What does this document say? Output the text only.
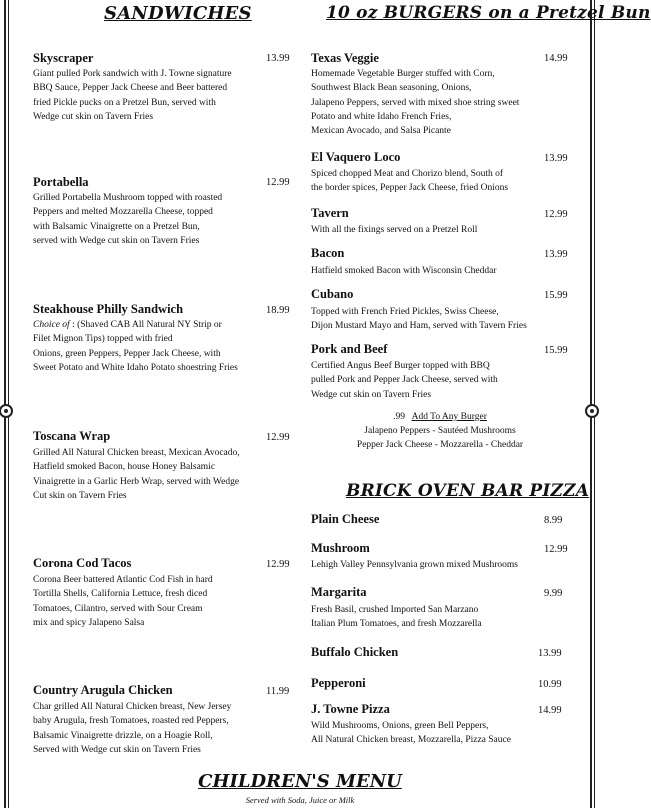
SANDWICHES	10 oz BURGERS on a Pretzel Bun
BRICK OVEN BAR PIZZA
Skyscraper	13.99
Giant pulled Pork sandwich with J. Towne signature
BBQ Sauce, Pepper Jack Cheese and Beer battered
fried Pickle pucks on a Pretzel Bun, served with
Wedge cut skin on Tavern Fries
Portabella	12.99
Grilled Portabella Mushroom topped with roasted
Peppers and melted Mozzarella Cheese, topped
with Balsamic Vinaigrette on a Pretzel Bun,
served with Wedge cut skin on Tavern Fries
Steakhouse Philly Sandwich	18.99
Choice of : (Shaved CAB All Natural NY Strip or
Filet Mignon Tips) topped with fried
Onions, green Peppers, Pepper Jack Cheese, with
Sweet Potato and White Idaho Potato shoestring Fries
Toscana Wrap	12.99
Grilled All Natural Chicken breast, Mexican Avocado,
Hatfield smoked Bacon, house Honey Balsamic
Vinaigrette in a Garlic Herb Wrap, served with Wedge
Cut skin on Tavern Fries
Corona Cod Tacos	12.99
Corona Beer battered Atlantic Cod Fish in hard
Tortilla Shells, California Lettuce, fresh diced
Tomatoes, Cilantro, served with Sour Cream
mix and spicy Jalapeno Salsa
Country Arugula Chicken	11.99
Char grilled All Natural Chicken breast, New Jersey
baby Arugula, fresh Tomatoes, roasted red Peppers,
Balsamic Vinaigrette drizzle, on a Hoagie Roll,
Served with Wedge cut skin on Tavern Fries
Texas Veggie	14.99
Homemade Vegetable Burger stuffed with Corn,
Southwest Black Bean seasoning, Onions,
Jalapeno Peppers, served with mixed shoe string sweet
Potato and white Idaho French Fries,
Mexican Avocado, and Salsa Picante
El Vaquero Loco	13.99
Spiced chopped Meat and Chorizo blend, South of
the border spices, Pepper Jack Cheese, fried Onions
Tavern	12.99
With all the fixings served on a Pretzel Roll
Bacon	13.99
Hatfield smoked Bacon with Wisconsin Cheddar
Cubano	15.99
Topped with French Fried Pickles, Swiss Cheese,
Dijon Mustard Mayo and Ham, served with Tavern Fries
Pork and Beef	15.99
Certified Angus Beef Burger topped with BBQ
pulled Pork and Pepper Jack Cheese, served with
Wedge cut skin on Tavern Fries
.99 Add To Any Burger
Jalapeno Peppers - Sautéed Mushrooms
Pepper Jack Cheese - Mozzarella - Cheddar
Plain Cheese	8.99
Mushroom	12.99
Lehigh Valley Pennsylvania grown mixed Mushrooms
Margarita	9.99
Fresh Basil, crushed Imported San Marzano
Italian Plum Tomatoes, and fresh Mozzarella
Buffalo Chicken	13.99
Pepperoni	10.99
J. Towne Pizza	14.99
Wild Mushrooms, Onions, green Bell Peppers,
All Natural Chicken breast, Mozzarella, Pizza Sauce
CHILDREN'S MENU
Served with Soda, Juice or Milk
